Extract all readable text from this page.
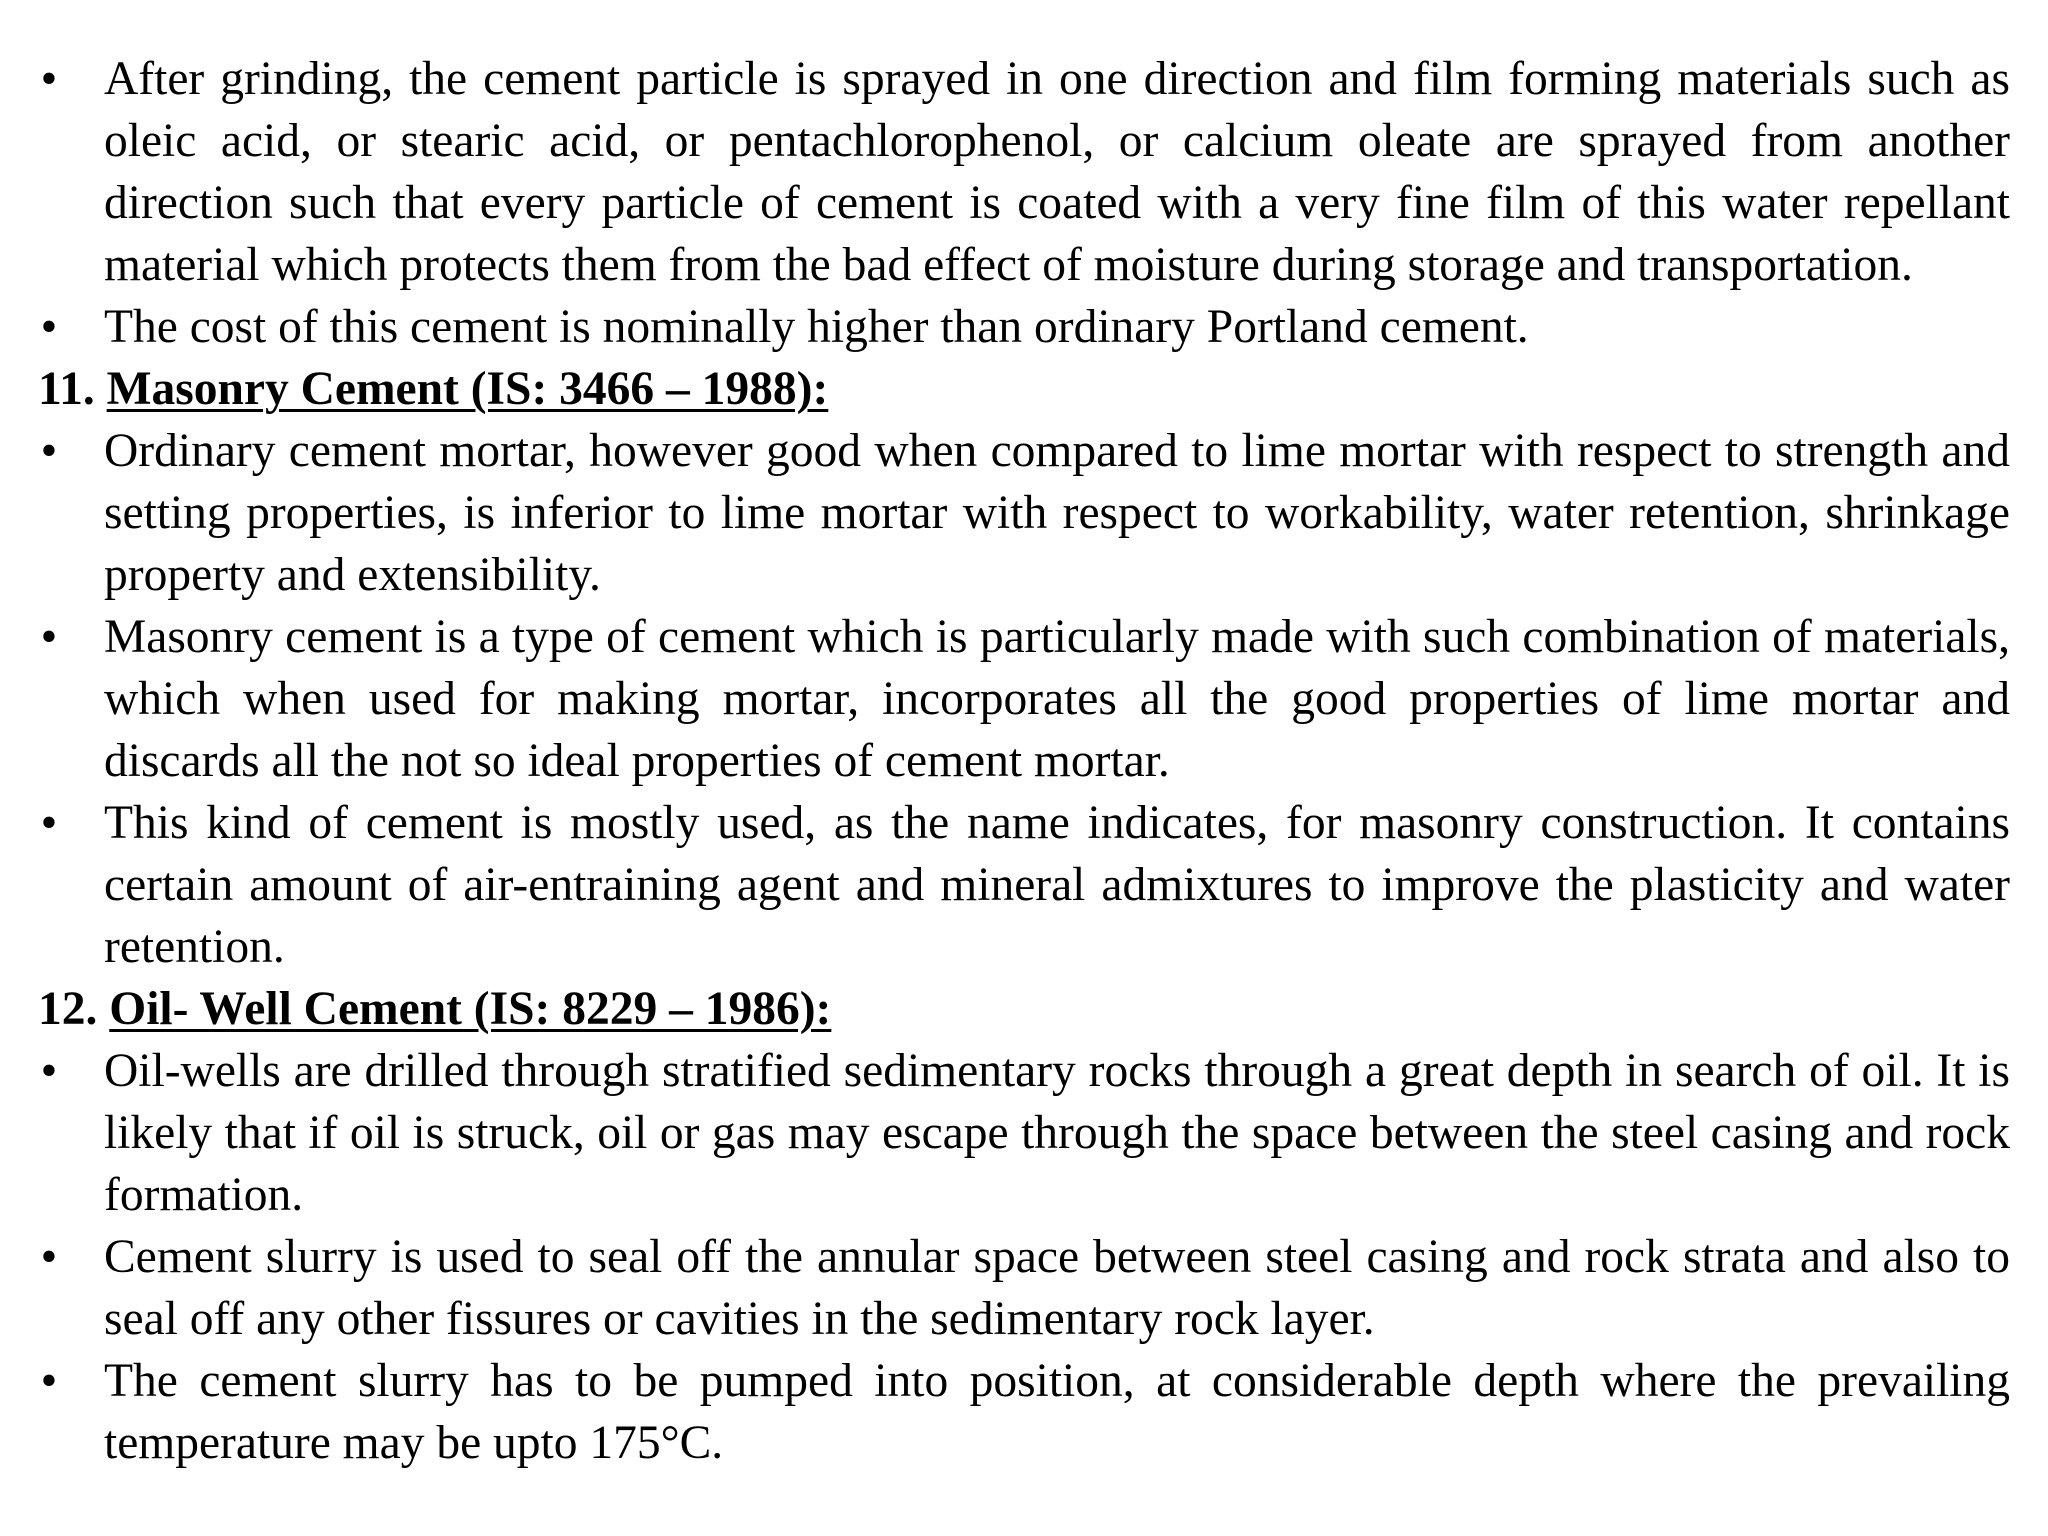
• After grinding, the cement particle is sprayed in one direction and film forming materials such as oleic acid, or stearic acid, or pentachlorophenol, or calcium oleate are sprayed from another direction such that every particle of cement is coated with a very fine film of this water repellant material which protects them from the bad effect of moisture during storage and transportation.
• The cost of this cement is nominally higher than ordinary Portland cement.

11. Masonry Cement (IS: 3466 – 1988):

• Ordinary cement mortar, however good when compared to lime mortar with respect to strength and setting properties, is inferior to lime mortar with respect to workability, water retention, shrinkage property and extensibility.
• Masonry cement is a type of cement which is particularly made with such combination of materials, which when used for making mortar, incorporates all the good properties of lime mortar and discards all the not so ideal properties of cement mortar.
• This kind of cement is mostly used, as the name indicates, for masonry construction. It contains certain amount of air-entraining agent and mineral admixtures to improve the plasticity and water retention.

12. Oil- Well Cement (IS: 8229 – 1986):

• Oil-wells are drilled through stratified sedimentary rocks through a great depth in search of oil. It is likely that if oil is struck, oil or gas may escape through the space between the steel casing and rock formation.
• Cement slurry is used to seal off the annular space between steel casing and rock strata and also to seal off any other fissures or cavities in the sedimentary rock layer.
• The cement slurry has to be pumped into position, at considerable depth where the prevailing temperature may be upto 175°C.
